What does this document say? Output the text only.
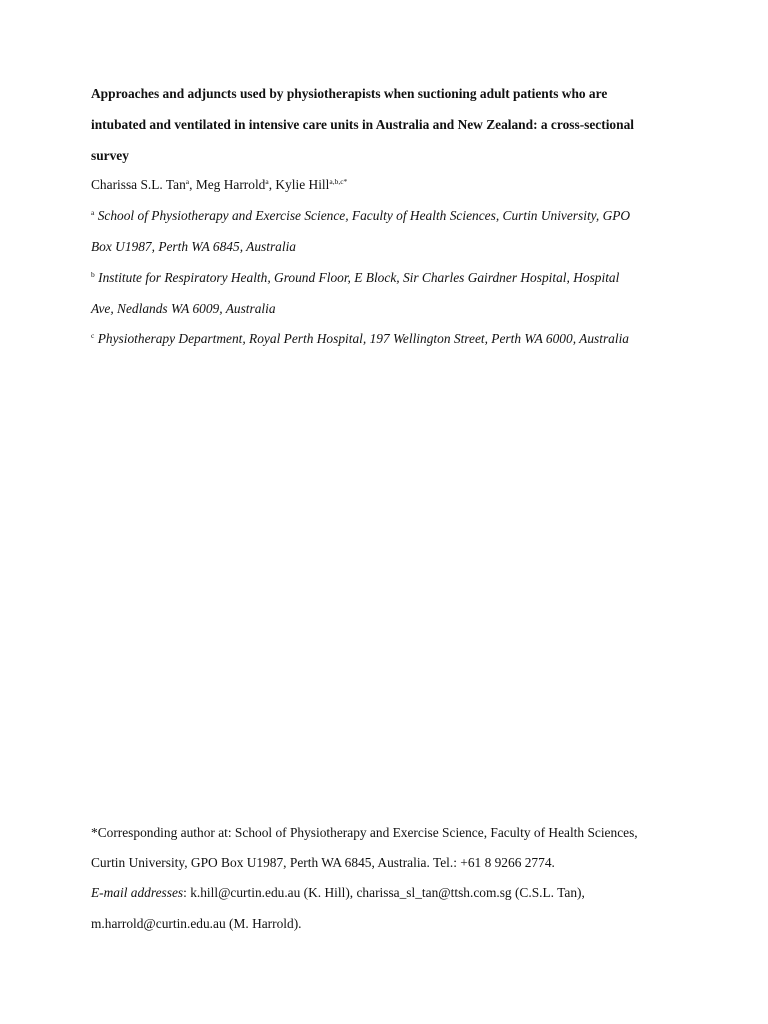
Approaches and adjuncts used by physiotherapists when suctioning adult patients who are
intubated and ventilated in intensive care units in Australia and New Zealand: a cross-sectional
survey
Charissa S.L. Tan$^a$, Meg Harrold$^a$, Kylie Hill$^{a,b,c*}$
$^a$ School of Physiotherapy and Exercise Science, Faculty of Health Sciences, Curtin University, GPO
Box U1987, Perth WA 6845, Australia
$^b$ Institute for Respiratory Health, Ground Floor, E Block, Sir Charles Gairdner Hospital, Hospital
Ave, Nedlands WA 6009, Australia
$^c$ Physiotherapy Department, Royal Perth Hospital, 197 Wellington Street, Perth WA 6000, Australia
*Corresponding author at: School of Physiotherapy and Exercise Science, Faculty of Health Sciences,
Curtin University, GPO Box U1987, Perth WA 6845, Australia. Tel.: +61 8 9266 2774.
E-mail addresses: k.hill@curtin.edu.au (K. Hill), charissa_sl_tan@ttsh.com.sg (C.S.L. Tan),
m.harrold@curtin.edu.au (M. Harrold).
